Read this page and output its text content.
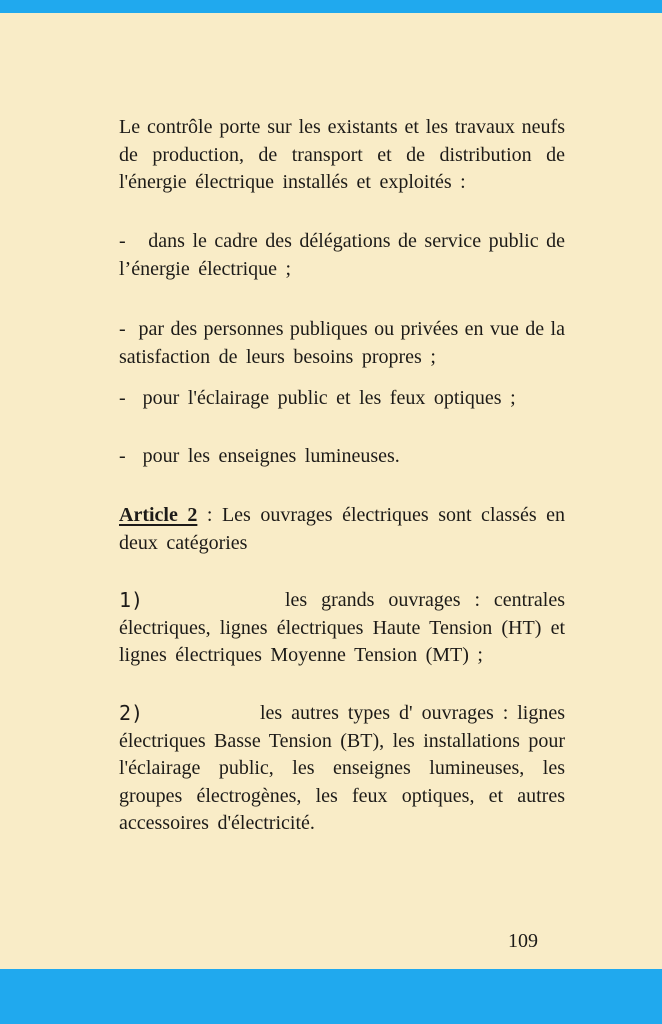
Le contrôle porte sur les existants et les travaux neufs
de production, de transport et de distribution de
l'énergie électrique installés et exploités :
-   dans le cadre des délégations de service public de
l’énergie électrique ;
-  par des personnes publiques ou privées en vue de la
satisfaction de leurs besoins propres ;
-  pour l'éclairage public et les feux optiques ;
-  pour les enseignes lumineuses.
Article 2 : Les ouvrages électriques sont classés en
deux catégories
1)	les grands ouvrages : centrales
électriques, lignes électriques Haute Tension (HT) et
lignes électriques Moyenne Tension (MT) ;
2)	les autres types d' ouvrages : lignes
électriques Basse Tension (BT), les installations pour
l'éclairage public, les enseignes lumineuses, les
groupes électrogènes, les feux optiques, et autres
accessoires d'électricité.
109
